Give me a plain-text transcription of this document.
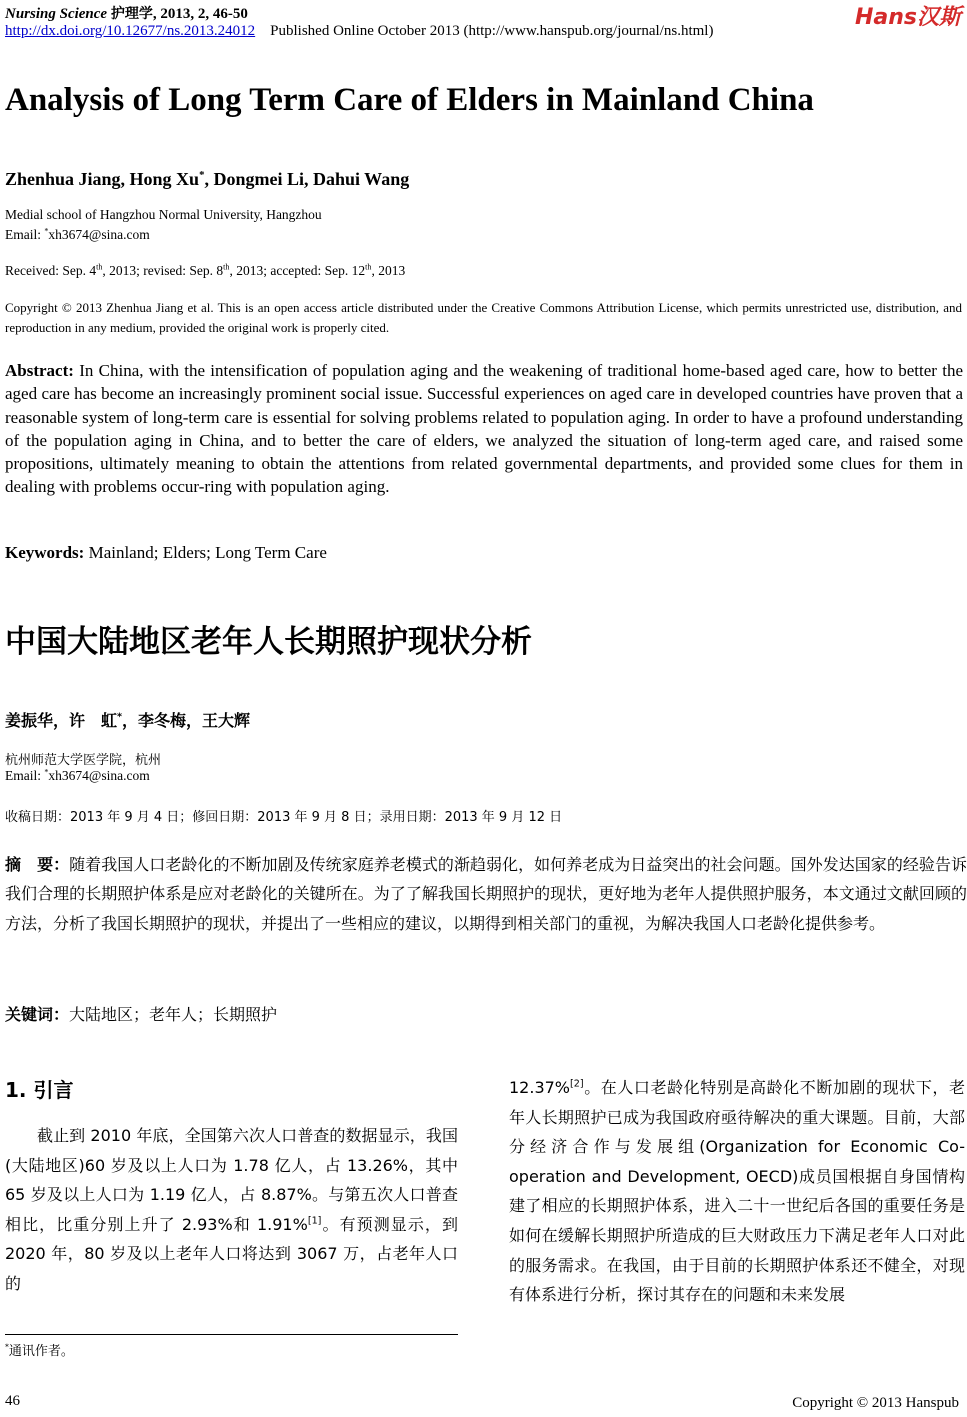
Nursing Science 护理学, 2013, 2, 46-50	Hans汉斯
http://dx.doi.org/10.12677/ns.2013.24012 Published Online October 2013 (http://www.hanspub.org/journal/ns.html)
Analysis of Long Term Care of Elders in Mainland China
Zhenhua Jiang, Hong Xu*, Dongmei Li, Dahui Wang
Medial school of Hangzhou Normal University, Hangzhou
Email: *xh3674@sina.com
Received: Sep. 4th, 2013; revised: Sep. 8th, 2013; accepted: Sep. 12th, 2013
Copyright © 2013 Zhenhua Jiang et al. This is an open access article distributed under the Creative Commons Attribution License, which permits unrestricted use, distribution, and reproduction in any medium, provided the original work is properly cited.
Abstract: In China, with the intensification of population aging and the weakening of traditional home-based aged care, how to better the aged care has become an increasingly prominent social issue. Successful experiences on aged care in developed countries have proven that a reasonable system of long-term care is essential for solving problems related to population aging. In order to have a profound understanding of the population aging in China, and to better the care of elders, we analyzed the situation of long-term aged care, and raised some propositions, ultimately meaning to obtain the attentions from related governmental departments, and provided some clues for them in dealing with problems occur-ring with population aging.
Keywords: Mainland; Elders; Long Term Care
中国大陆地区老年人长期照护现状分析
姜振华，许　虹*，李冬梅，王大辉
杭州师范大学医学院，杭州
Email: *xh3674@sina.com
收稿日期：2013 年 9 月 4 日；修回日期：2013 年 9 月 8 日；录用日期：2013 年 9 月 12 日
摘　要：随着我国人口老龄化的不断加剧及传统家庭养老模式的渐趋弱化，如何养老成为日益突出的社会问题。国外发达国家的经验告诉我们合理的长期照护体系是应对老龄化的关键所在。为了了解我国长期照护的现状，更好地为老年人提供照护服务，本文通过文献回顾的方法，分析了我国长期照护的现状，并提出了一些相应的建议，以期得到相关部门的重视，为解决我国人口老龄化提供参考。
关键词：大陆地区；老年人；长期照护
1. 引言
截止到 2010 年底，全国第六次人口普查的数据显示，我国(大陆地区)60 岁及以上人口为 1.78 亿人，占 13.26%，其中 65 岁及以上人口为 1.19 亿人，占 8.87%。与第五次人口普查相比，比重分别上升了 2.93%和 1.91%[1]。有预测显示，到 2020 年，80 岁及以上老年人口将达到 3067 万，占老年人口的
12.37%[2]。在人口老龄化特别是高龄化不断加剧的现状下，老年人长期照护已成为我国政府亟待解决的重大课题。目前，大部分经济合作与发展组(Organization for Economic Co-operation and Development, OECD)成员国根据自身国情构建了相应的长期照护体系，进入二十一世纪后各国的重要任务是如何在缓解长期照护所造成的巨大财政压力下满足老年人口对此的服务需求。在我国，由于目前的长期照护体系还不健全，对现有体系进行分析，探讨其存在的问题和未来发展
*通讯作者。
46	Copyright © 2013 Hanspub
